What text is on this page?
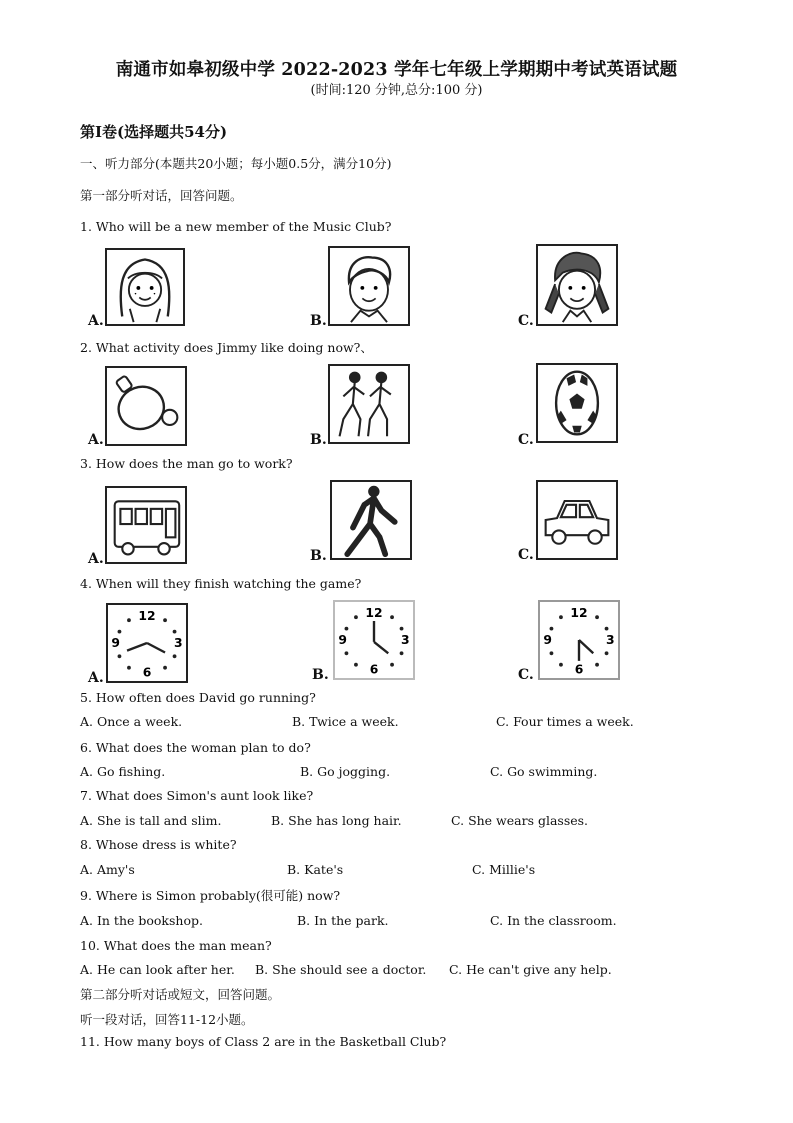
南通市如皋初级中学 2022-2023 学年七年级上学期期中考试英语试题
(时间:120 分钟,总分:100 分)
第Ⅰ卷(选择题共54分)
一、听力部分(本题共20小题；每小题0.5分，满分10分)
第一部分听对话，回答问题。
1. Who will be a new member of the Music Club?
A.	B.	C.
2. What activity does Jimmy like doing now?、
A.	B.	C.
3. How does the man go to work?
A.	B.	C.
4. When will they finish watching the game?
A.
12
3
6
9
B.
12
3
6
9
C.
12
3
6
9
5. How often does David go running?
A. Once a week.	B. Twice a week.	C. Four times a week.
6. What does the woman plan to do?
A. Go fishing.	B. Go jogging.	C. Go swimming.
7. What does Simon's aunt look like?
A. She is tall and slim.	B. She has long hair.	C. She wears glasses.
8. Whose dress is white?
A. Amy's	B. Kate's	C. Millie's
9. Where is Simon probably(很可能) now?
A. In the bookshop.	B. In the park.	C. In the classroom.
10. What does the man mean?
A. He can look after her. B. She should see a doctor. C. He can't give any help.
第二部分听对话或短文，回答问题。
听一段对话，回答11-12小题。
11. How many boys of Class 2 are in the Basketball Club?
